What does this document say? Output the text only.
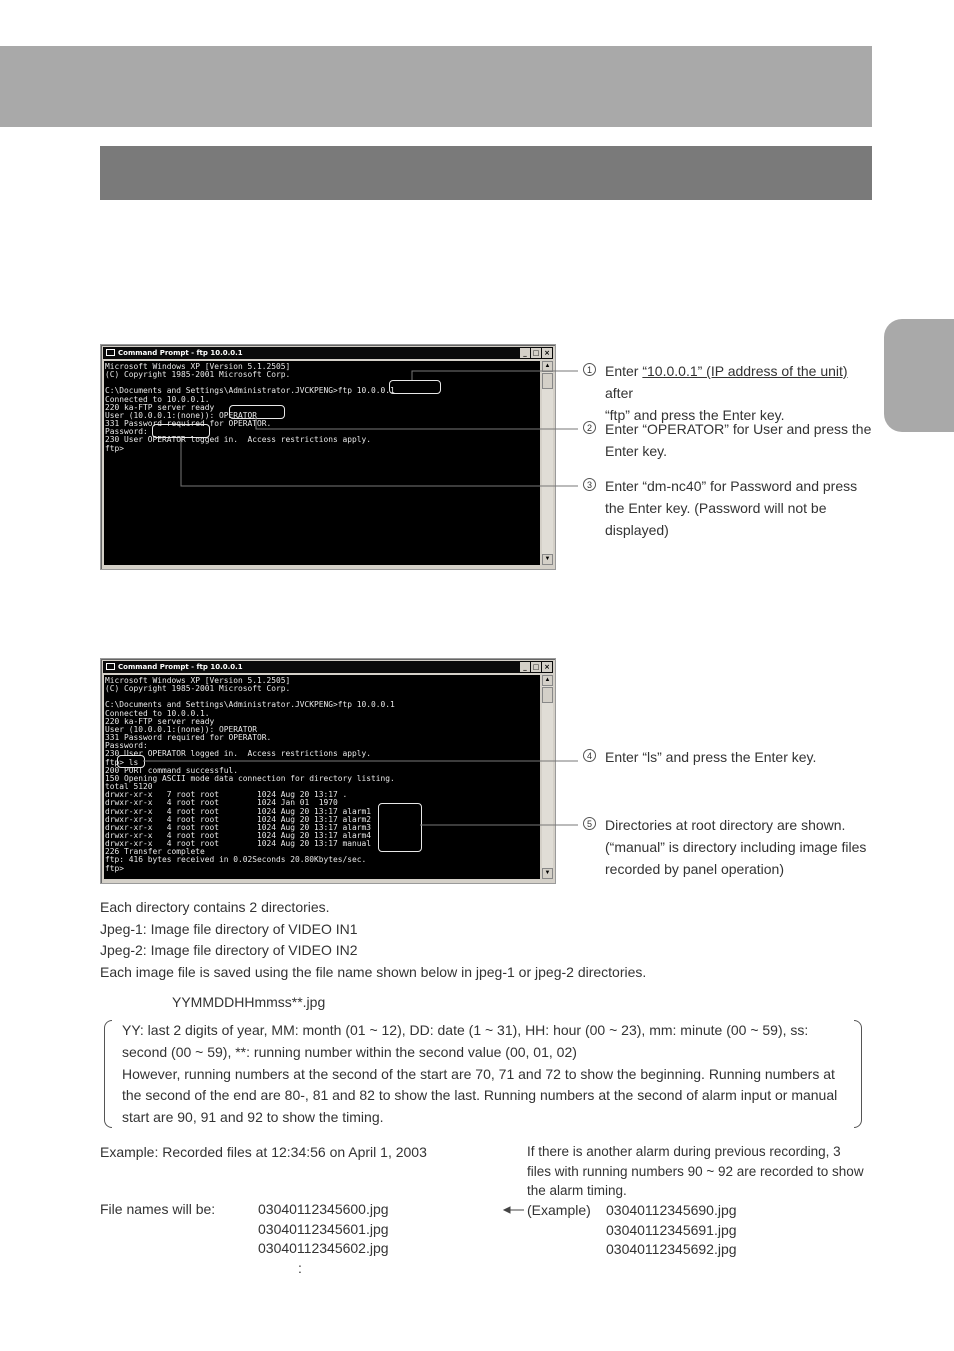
Command Prompt - ftp 10.0.0.1	_ □ ×
Microsoft Windows XP [Version 5.1.2505]
(C) Copyright 1985-2001 Microsoft Corp.

C:\Documents and Settings\Administrator.JVCKPENG>ftp 10.0.0.1
Connected to 10.0.0.1.
220 ka-FTP server ready
User (10.0.0.1:(none)): OPERATOR
331 Password required for OPERATOR.
Password:
230 User OPERATOR logged in.  Access restrictions apply.
ftp>
▲
▼
Command Prompt - ftp 10.0.0.1	_ □ ×
Microsoft Windows XP [Version 5.1.2505]
(C) Copyright 1985-2001 Microsoft Corp.

C:\Documents and Settings\Administrator.JVCKPENG>ftp 10.0.0.1
Connected to 10.0.0.1.
220 ka-FTP server ready
User (10.0.0.1:(none)): OPERATOR
331 Password required for OPERATOR.
Password:
230 User OPERATOR logged in.  Access restrictions apply.
ftp> ls
200 PORT command successful.
150 Opening ASCII mode data connection for directory listing.
total 5120
drwxr-xr-x   7 root root        1024 Aug 20 13:17 .
drwxr-xr-x   4 root root        1024 Jan 01  1970
drwxr-xr-x   4 root root        1024 Aug 20 13:17 alarm1
drwxr-xr-x   4 root root        1024 Aug 20 13:17 alarm2
drwxr-xr-x   4 root root        1024 Aug 20 13:17 alarm3
drwxr-xr-x   4 root root        1024 Aug 20 13:17 alarm4
drwxr-xr-x   4 root root        1024 Aug 20 13:17 manual
226 Transfer complete
ftp: 416 bytes received in 0.02Seconds 20.80Kbytes/sec.
ftp>
▲
▼
1 Enter “10.0.0.1” (IP address of the unit) after
“ftp” and press the Enter key.
2 Enter “OPERATOR” for User and press the
Enter key.
3 Enter “dm-nc40” for Password and press
the Enter key. (Password will not be
displayed)
4 Enter “ls” and press the Enter key.
5 Directories at root directory are shown.
(“manual” is directory including image files
recorded by panel operation)

Each directory contains 2 directories.

Jpeg-1: Image file directory of VIDEO IN1

Jpeg-2: Image file directory of VIDEO IN2

Each image file is saved using the file name shown below in jpeg-1 or jpeg-2 directories.

YYMMDDHHmmss**.jpg

YY: last 2 digits of year, MM: month (01 ~ 12), DD: date (1 ~ 31), HH: hour (00 ~ 23), mm: minute (00 ~ 59), ss: second (00 ~ 59), **: running number within the second value (00, 01, 02)
However, running numbers at the second of the start are 70, 71 and 72 to show the beginning. Running numbers at the second of the end are 80-, 81 and 82 to show the last. Running numbers at the second of alarm input or manual start are 90, 91 and 92 to show the timing.

Example: Recorded files at 12:34:56 on April 1, 2003
File names will be:	03040112345600.jpg
03040112345601.jpg
03040112345602.jpg
:
If there is another alarm during previous recording, 3
files with running numbers 90 ~ 92 are recorded to show
the alarm timing.
(Example) 03040112345690.jpg
03040112345691.jpg
03040112345692.jpg
